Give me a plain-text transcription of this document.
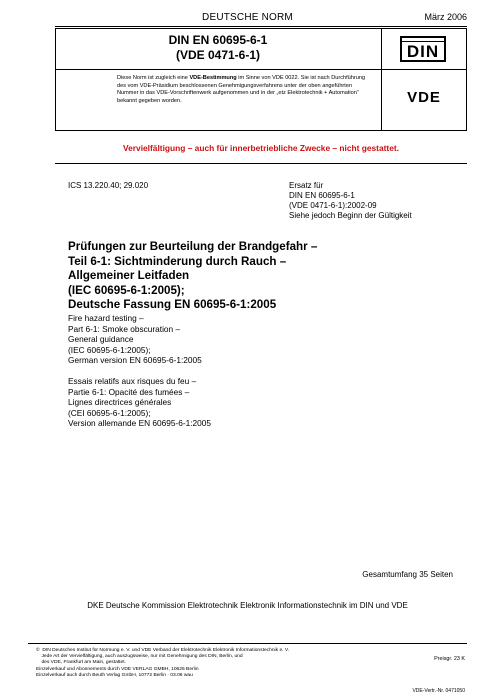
DEUTSCHE NORM	März 2006
DIN EN 60695-6-1
(VDE 0471-6-1)
Diese Norm ist zugleich eine VDE-Bestimmung im Sinne von VDE 0022. Sie ist nach Durchführung des vom VDE-Präsidium beschlossenen Genehmigungsverfahrens unter der oben angeführten Nummer in das VDE-Vorschriftenwerk aufgenommen und in der „etz Elektrotechnik + Automation“ bekannt gegeben worden.
DIN
VDE
Vervielfältigung – auch für innerbetriebliche Zwecke – nicht gestattet.
ICS 13.220.40; 29.020	Ersatz für
DIN EN 60695-6-1
(VDE 0471-6-1):2002-09
Siehe jedoch Beginn der Gültigkeit
Prüfungen zur Beurteilung der Brandgefahr –
Teil 6-1: Sichtminderung durch Rauch –
Allgemeiner Leitfaden
(IEC 60695-6-1:2005);
Deutsche Fassung EN 60695-6-1:2005
Fire hazard testing –
Part 6-1: Smoke obscuration –
General guidance
(IEC 60695-6-1:2005);
German version EN 60695-6-1:2005
Essais relatifs aux risques du feu –
Partie 6-1: Opacité des fumées –
Lignes directrices générales
(CEI 60695-6-1:2005);
Version allemande EN 60695-6-1:2005
Gesamtumfang 35 Seiten
DKE Deutsche Kommission Elektrotechnik Elektronik Informationstechnik im DIN und VDE
©  DIN Deutsches Institut für Normung e. V. und VDE Verband der Elektrotechnik Elektronik Informationstechnik e. V.
Jede Art der Vervielfältigung, auch auszugsweise, nur mit Genehmigung des DIN, Berlin, und
des VDE, Frankfurt am Main, gestattet.
Einzelverkauf und Abonnements durch VDE VERLAG GMBH, 10625 Berlin
Einzelverkauf auch durch Beuth Verlag GmbH, 10772 Berlin · 03.06 wau
Preisgr. 23 K
VDE-Vertr.-Nr. 0471050
